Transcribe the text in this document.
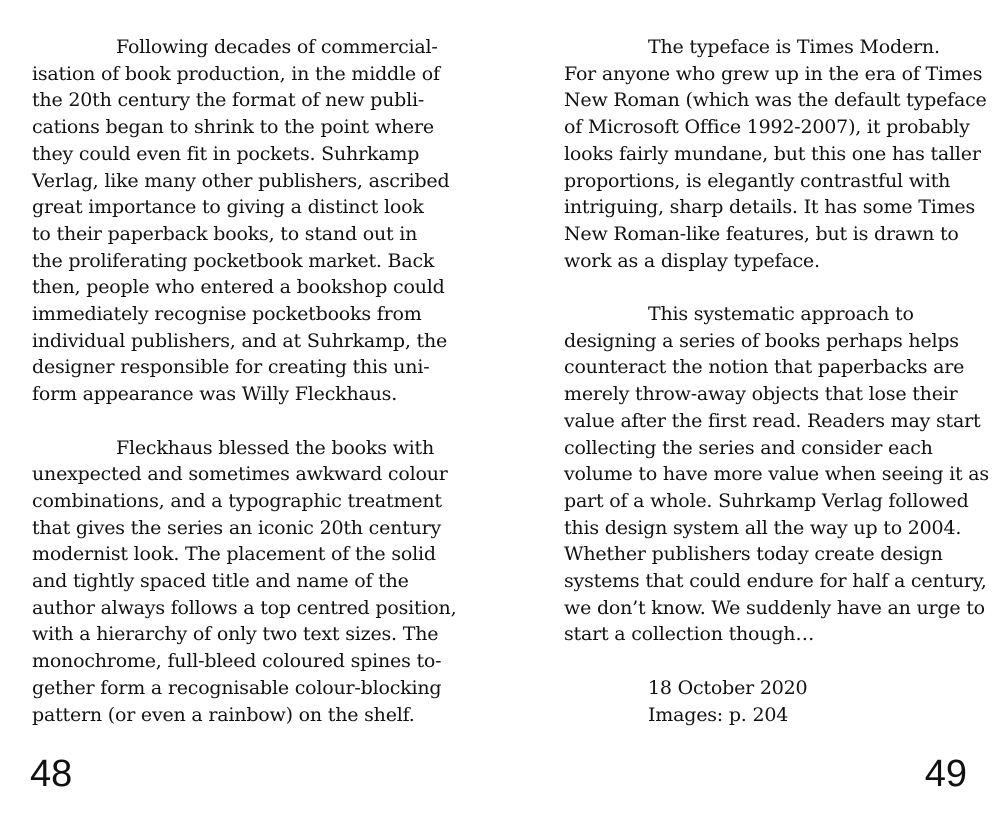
Following decades of commercial-
isation of book production, in the middle of
the 20th century the format of new publi-
cations began to shrink to the point where
they could even fit in pockets. Suhrkamp
Verlag, like many other publishers, ascribed
great importance to giving a distinct look
to their paperback books, to stand out in
the proliferating pocketbook market. Back
then, people who entered a bookshop could
immediately recognise pocketbooks from
individual publishers, and at Suhrkamp, the
designer responsible for creating this uni-
form appearance was Willy Fleckhaus.
Fleckhaus blessed the books with
unexpected and sometimes awkward colour
combinations, and a typographic treatment
that gives the series an iconic 20th century
modernist look. The placement of the solid
and tightly spaced title and name of the
author always follows a top centred position,
with a hierarchy of only two text sizes. The
monochrome, full-bleed coloured spines to-
gether form a recognisable colour-blocking
pattern (or even a rainbow) on the shelf.
48
The typeface is Times Modern.
For anyone who grew up in the era of Times
New Roman (which was the default typeface
of Microsoft Office 1992-2007), it probably
looks fairly mundane, but this one has taller
proportions, is elegantly contrastful with
intriguing, sharp details. It has some Times
New Roman-like features, but is drawn to
work as a display typeface.
This systematic approach to
designing a series of books perhaps helps
counteract the notion that paperbacks are
merely throw-away objects that lose their
value after the first read. Readers may start
collecting the series and consider each
volume to have more value when seeing it as
part of a whole. Suhrkamp Verlag followed
this design system all the way up to 2004.
Whether publishers today create design
systems that could endure for half a century,
we don’t know. We suddenly have an urge to
start a collection though…
18 October 2020
Images: p. 204
49
